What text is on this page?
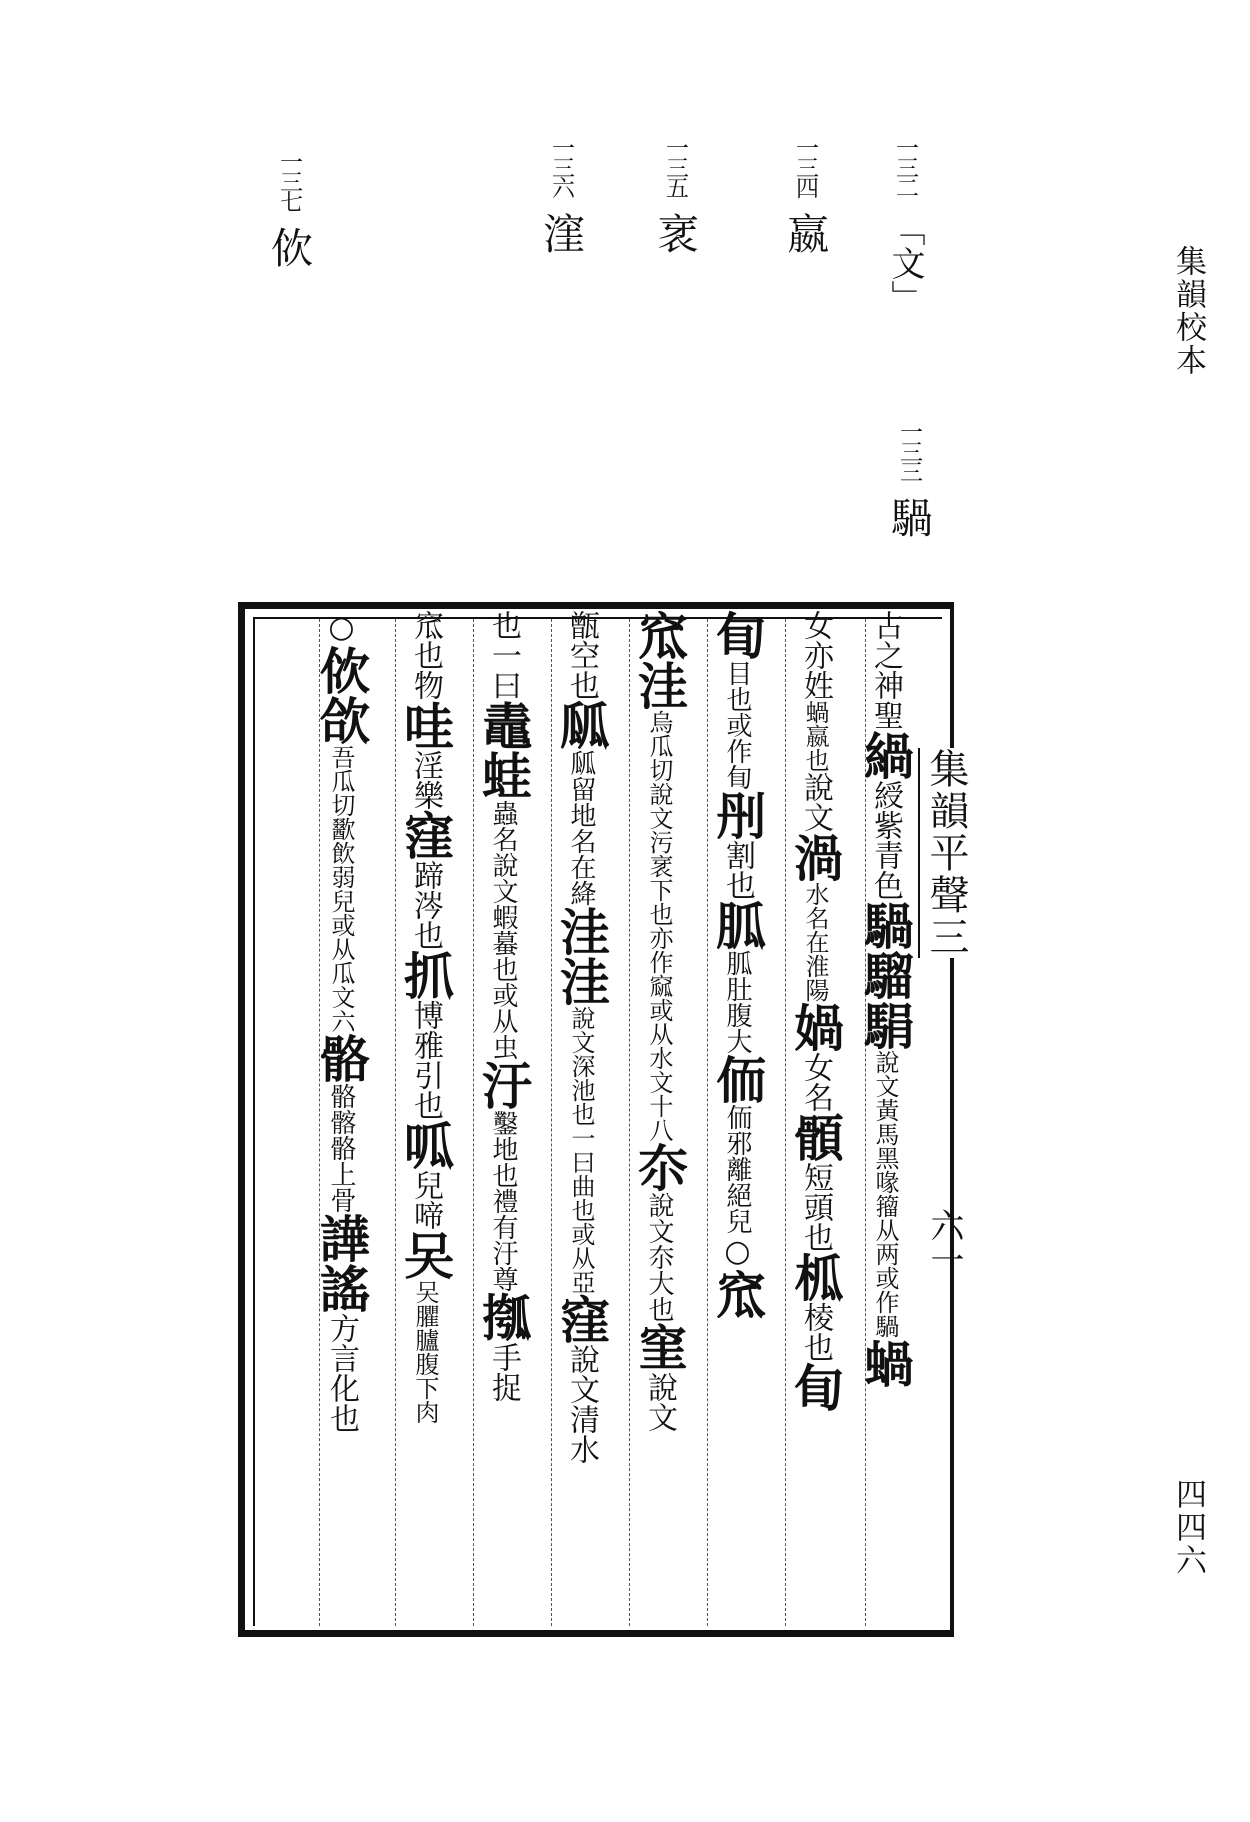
集韻校本
四四六
一三二「文」
一三三騧
一三四嬴
一三五衺
一三六漥
一三七佽
集韻平聲三
六一
古之神聖緺綬紫青色騧騮駽說文黃馬黑喙籀从两或作騧蝸
女亦姓蝸嬴也說文渦水名在淮陽媧女名顝短頭也柧棱也䀏
䀏目也或作䀏刐割也胍胍肚腹大侕侕邪離絕兒○窊
窊洼烏瓜切說文污衺下也亦作窳或从水文十八夵說文夵大也窐說文
甑空也㼌㼌留地名在絳洼洼說文深池也一曰曲也或从亞窪說文清水
也一曰鼃蛙蟲名說文蝦蟇也或从虫汙鑿地也禮有汙尊摦手捉
窊也物哇淫樂窪蹄涔也抓博雅引也呱兒啼㕦㕦臞臚腹下肉
○佽欱吾瓜切歠飲弱兒或从瓜文六骼骼髂骼上骨譁謠方言化也
